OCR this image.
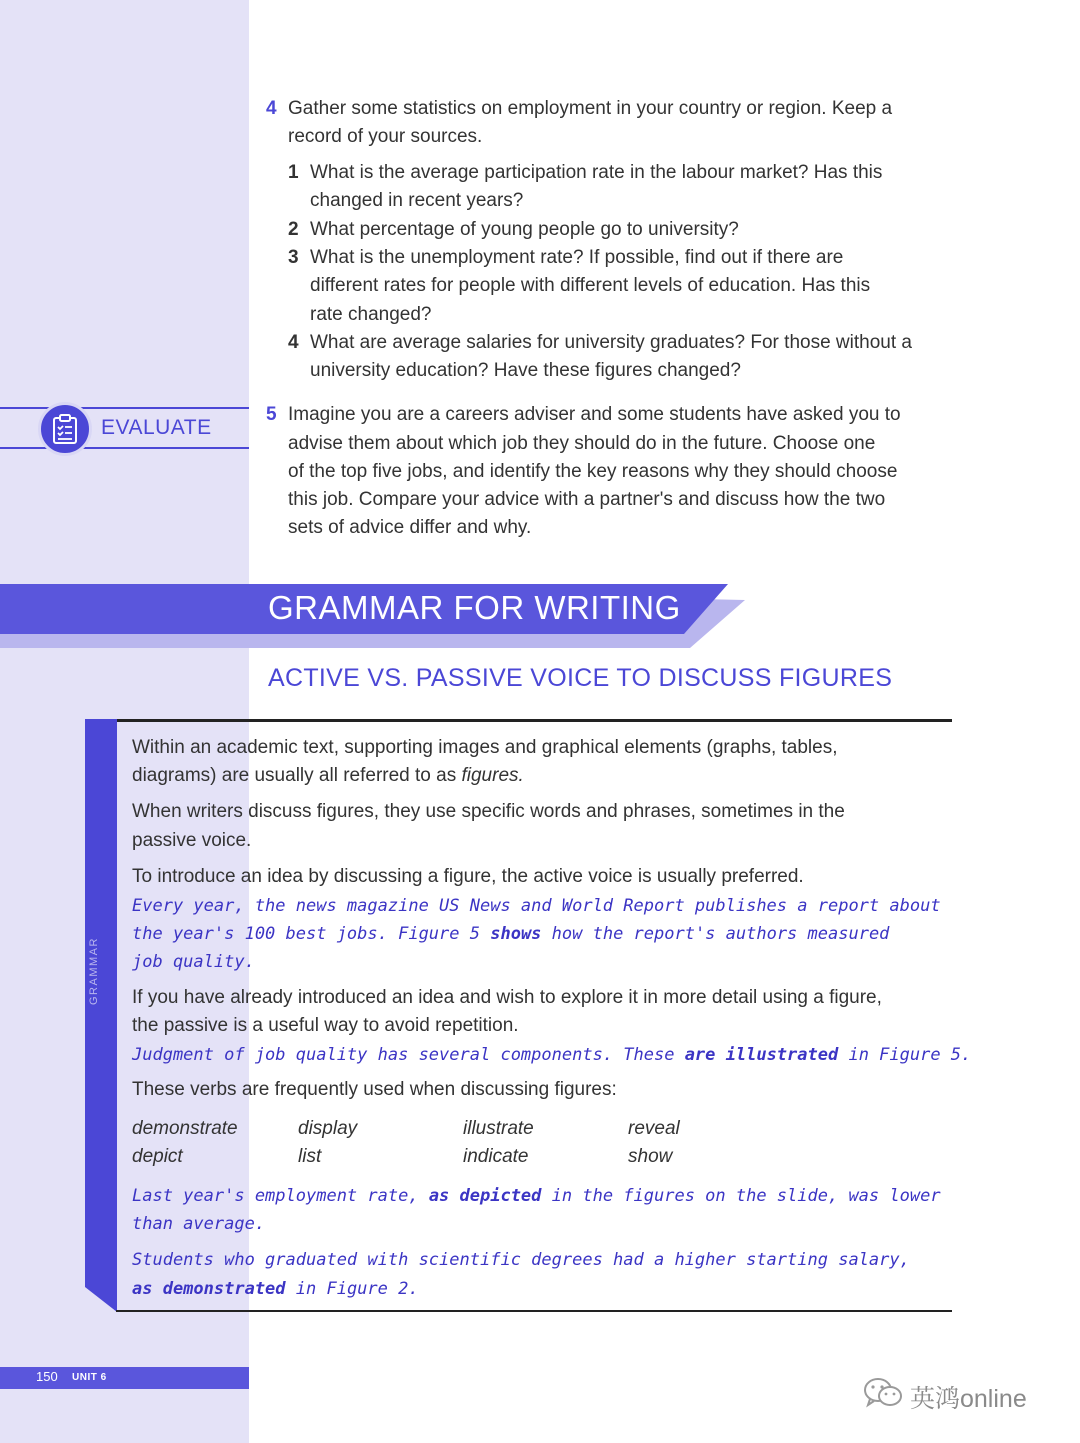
4 Gather some statistics on employment in your country or region. Keep a
record of your sources.
1 What is the average participation rate in the labour market? Has this
changed in recent years?
2 What percentage of young people go to university?
3 What is the unemployment rate? If possible, find out if there are
different rates for people with different levels of education. Has this
rate changed?
4 What are average salaries for university graduates? For those without a
university education? Have these figures changed?
EVALUATE
5 Imagine you are a careers adviser and some students have asked you to
advise them about which job they should do in the future. Choose one
of the top five jobs, and identify the key reasons why they should choose
this job. Compare your advice with a partner's and discuss how the two
sets of advice differ and why.
GRAMMAR FOR WRITING
ACTIVE VS. PASSIVE VOICE TO DISCUSS FIGURES
GRAMMAR
Within an academic text, supporting images and graphical elements (graphs, tables,
diagrams) are usually all referred to as figures.
When writers discuss figures, they use specific words and phrases, sometimes in the
passive voice.
To introduce an idea by discussing a figure, the active voice is usually preferred.
Every year, the news magazine US News and World Report publishes a report about
the year's 100 best jobs. Figure 5 shows how the report's authors measured
job quality.
If you have already introduced an idea and wish to explore it in more detail using a figure,
the passive is a useful way to avoid repetition.
Judgment of job quality has several components. These are illustrated in Figure 5.
These verbs are frequently used when discussing figures:
demonstrate	display	illustrate	reveal
depict	list	indicate	show
Last year's employment rate, as depicted in the figures on the slide, was lower
than average.
Students who graduated with scientific degrees had a higher starting salary,
as demonstrated in Figure 2.
150 UNIT 6
英鸿online
